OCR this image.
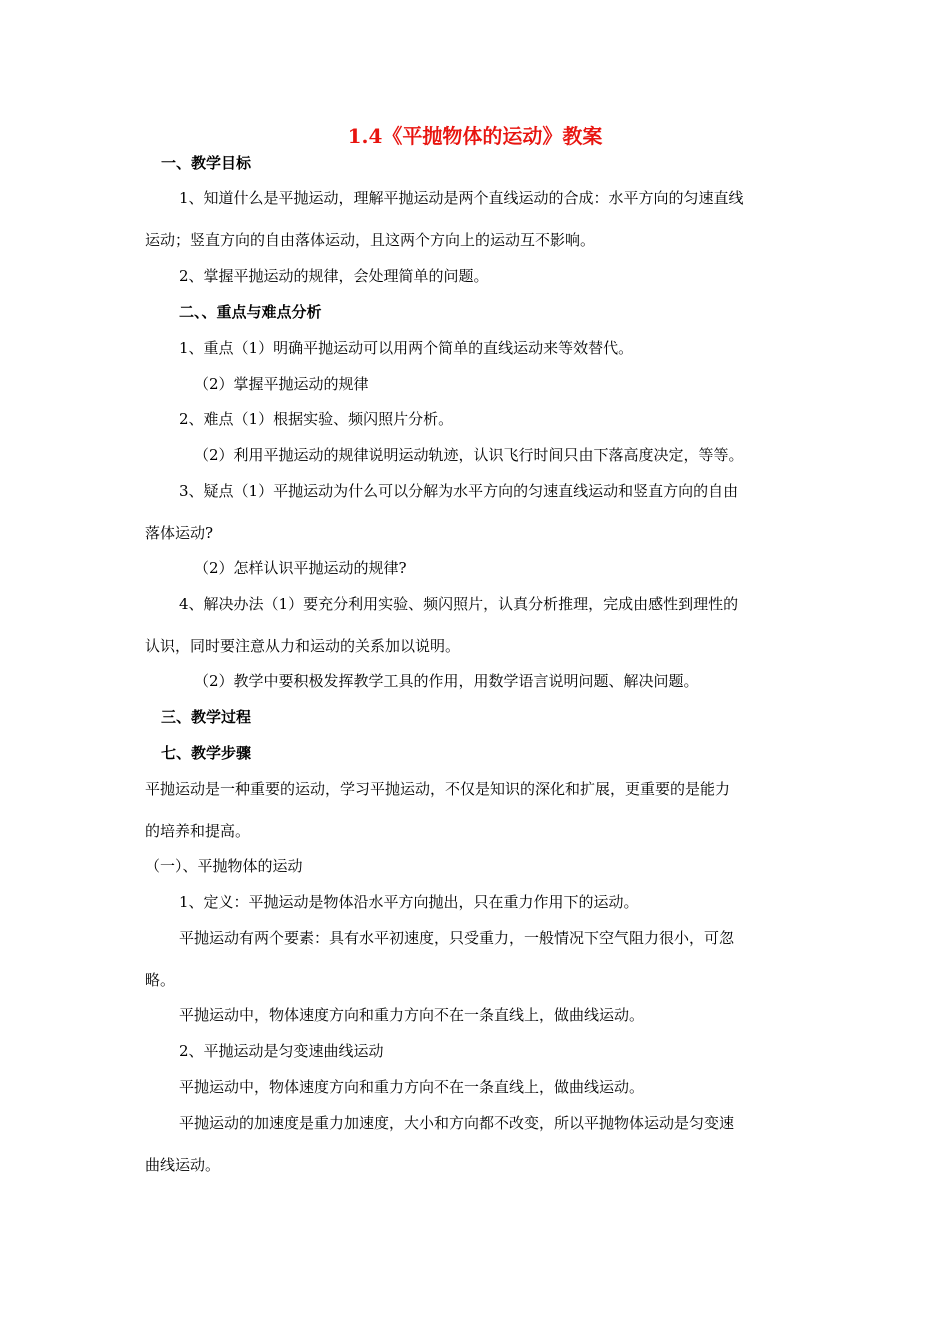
1.4《平抛物体的运动》教案
一、教学目标
1、知道什么是平抛运动，理解平抛运动是两个直线运动的合成：水平方向的匀速直线
运动；竖直方向的自由落体运动，且这两个方向上的运动互不影响。
2、掌握平抛运动的规律，会处理简单的问题。
二、、重点与难点分析
1、重点（1）明确平抛运动可以用两个简单的直线运动来等效替代。
（2）掌握平抛运动的规律
2、难点（1）根据实验、频闪照片分析。
（2）利用平抛运动的规律说明运动轨迹，认识飞行时间只由下落高度决定，等等。
3、疑点（1）平抛运动为什么可以分解为水平方向的匀速直线运动和竖直方向的自由
落体运动?
（2）怎样认识平抛运动的规律?
4、解决办法（1）要充分利用实验、频闪照片，认真分析推理，完成由感性到理性的
认识，同时要注意从力和运动的关系加以说明。
（2）教学中要积极发挥教学工具的作用，用数学语言说明问题、解决问题。
三、教学过程
七、教学步骤
平抛运动是一种重要的运动，学习平抛运动，不仅是知识的深化和扩展，更重要的是能力
的培养和提高。
（一）、平抛物体的运动
1、定义：平抛运动是物体沿水平方向抛出，只在重力作用下的运动。
平抛运动有两个要素：具有水平初速度，只受重力，一般情况下空气阻力很小，可忽
略。
平抛运动中，物体速度方向和重力方向不在一条直线上，做曲线运动。
2、平抛运动是匀变速曲线运动
平抛运动中，物体速度方向和重力方向不在一条直线上，做曲线运动。
平抛运动的加速度是重力加速度，大小和方向都不改变，所以平抛物体运动是匀变速
曲线运动。
